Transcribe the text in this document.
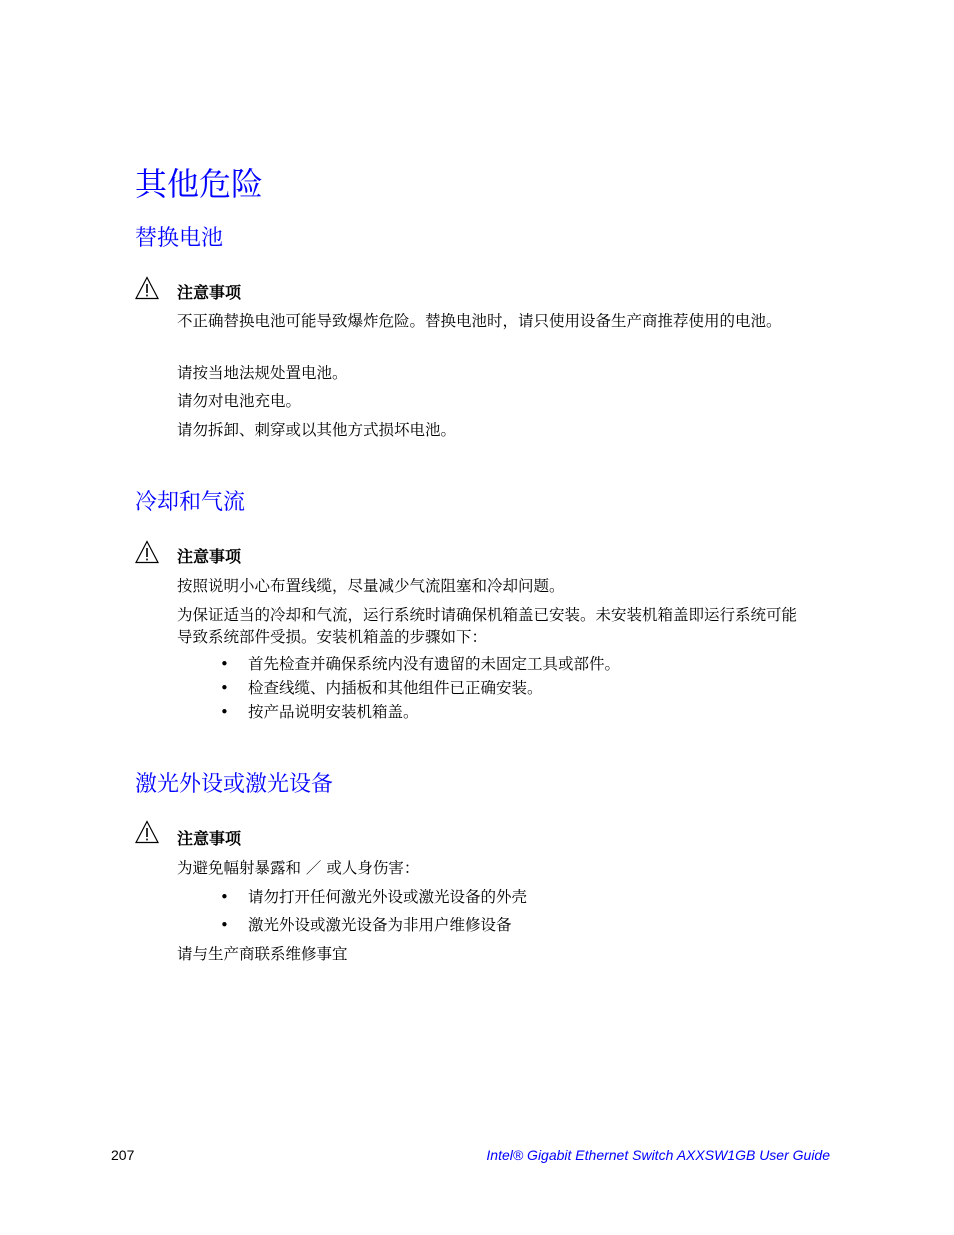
其他危险
替换电池
注意事项

不正确替换电池可能导致爆炸危险。替换电池时，请只使用设备生产商推荐使用的电池。

请按当地法规处置电池。

请勿对电池充电。

请勿拆卸、刺穿或以其他方式损坏电池。

冷却和气流
注意事项

按照说明小心布置线缆，尽量减少气流阻塞和冷却问题。

为保证适当的冷却和气流，运行系统时请确保机箱盖已安装。未安装机箱盖即运行系统可能导致系统部件受损。安装机箱盖的步骤如下：

• 首先检查并确保系统内没有遗留的未固定工具或部件。
• 检查线缆、内插板和其他组件已正确安装。
• 按产品说明安装机箱盖。
激光外设或激光设备
注意事项

为避免幅射暴露和 ／ 或人身伤害：

• 请勿打开任何激光外设或激光设备的外壳
• 激光外设或激光设备为非用户维修设备

请与生产商联系维修事宜

207	Intel® Gigabit Ethernet Switch AXXSW1GB User Guide
